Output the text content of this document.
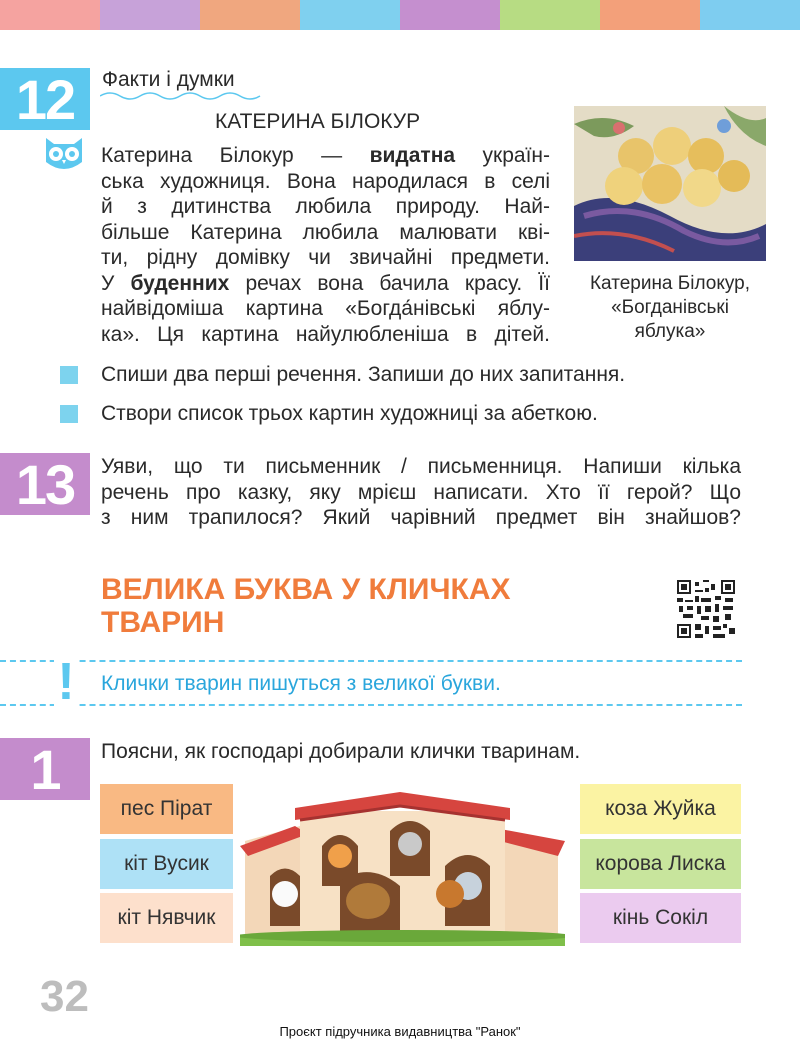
12	Факти і думки
КАТЕРИНА БІЛОКУР
Катерина Білокур — видатна україн-
ська художниця. Вона народилася в селі
й з дитинства любила природу. Най-
більше Катерина любила малювати кві-
ти, рідну домівку чи звичайні предмети.
У буденних речах вона бачила красу. Її
найвідоміша картина «Богда́нівські яблу-
ка». Ця картина найулюбленіша в дітей.
Катерина Білокур,
«Богданівські
яблука»
Спиши два перші речення. Запиши до них запитання.
Створи список трьох картин художниці за абеткою.
13	Уяви, що ти письменник / письменниця. Напиши кілька
речень про казку, яку мрієш написати. Хто її герой? Що
з ним трапилося? Який чарівний предмет він знайшов?
ВЕЛИКА БУКВА У КЛИЧКАХ
ТВАРИН
! Клички тварин пишуться з великої букви.
1	Поясни, як господарі добирали клички тваринам.
пес Пірат
кіт Вусик
кіт Нявчик
коза Жуйка
корова Лиска
кінь Сокіл
32
Проєкт підручника видавництва "Ранок"
